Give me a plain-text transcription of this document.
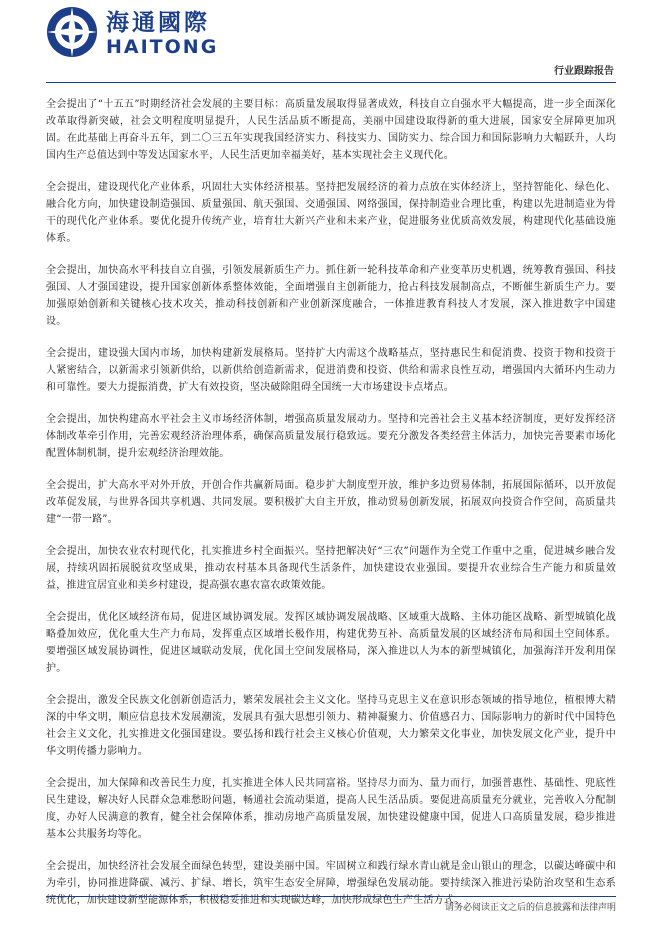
海通國際
HAITONG
行业跟踪报告

全会提出了“十五五”时期经济社会发展的主要目标：高质量发展取得显著成效，科技自立自强水平大幅提高，进一步全面深化改革取得新突破，社会文明程度明显提升，人民生活品质不断提高，美丽中国建设取得新的重大进展，国家安全屏障更加巩固。在此基础上再奋斗五年，到二〇三五年实现我国经济实力、科技实力、国防实力、综合国力和国际影响力大幅跃升，人均国内生产总值达到中等发达国家水平，人民生活更加幸福美好，基本实现社会主义现代化。

全会提出，建设现代化产业体系，巩固壮大实体经济根基。坚持把发展经济的着力点放在实体经济上，坚持智能化、绿色化、融合化方向，加快建设制造强国、质量强国、航天强国、交通强国、网络强国，保持制造业合理比重，构建以先进制造业为骨干的现代化产业体系。要优化提升传统产业，培育壮大新兴产业和未来产业，促进服务业优质高效发展，构建现代化基础设施体系。

全会提出，加快高水平科技自立自强，引领发展新质生产力。抓住新一轮科技革命和产业变革历史机遇，统筹教育强国、科技强国、人才强国建设，提升国家创新体系整体效能，全面增强自主创新能力，抢占科技发展制高点，不断催生新质生产力。要加强原始创新和关键核心技术攻关，推动科技创新和产业创新深度融合，一体推进教育科技人才发展，深入推进数字中国建设。

全会提出，建设强大国内市场，加快构建新发展格局。坚持扩大内需这个战略基点，坚持惠民生和促消费、投资于物和投资于人紧密结合，以新需求引领新供给，以新供给创造新需求，促进消费和投资、供给和需求良性互动，增强国内大循环内生动力和可靠性。要大力提振消费，扩大有效投资，坚决破除阻碍全国统一大市场建设卡点堵点。

全会提出，加快构建高水平社会主义市场经济体制，增强高质量发展动力。坚持和完善社会主义基本经济制度，更好发挥经济体制改革牵引作用，完善宏观经济治理体系，确保高质量发展行稳致远。要充分激发各类经营主体活力，加快完善要素市场化配置体制机制，提升宏观经济治理效能。

全会提出，扩大高水平对外开放，开创合作共赢新局面。稳步扩大制度型开放，维护多边贸易体制，拓展国际循环，以开放促改革促发展，与世界各国共享机遇、共同发展。要积极扩大自主开放，推动贸易创新发展，拓展双向投资合作空间，高质量共建“一带一路”。

全会提出，加快农业农村现代化，扎实推进乡村全面振兴。坚持把解决好“三农”问题作为全党工作重中之重，促进城乡融合发展，持续巩固拓展脱贫攻坚成果，推动农村基本具备现代生活条件，加快建设农业强国。要提升农业综合生产能力和质量效益，推进宜居宜业和美乡村建设，提高强农惠农富农政策效能。

全会提出，优化区域经济布局，促进区域协调发展。发挥区域协调发展战略、区域重大战略、主体功能区战略、新型城镇化战略叠加效应，优化重大生产力布局，发挥重点区域增长极作用，构建优势互补、高质量发展的区域经济布局和国土空间体系。要增强区域发展协调性，促进区域联动发展，优化国土空间发展格局，深入推进以人为本的新型城镇化，加强海洋开发利用保护。

全会提出，激发全民族文化创新创造活力，繁荣发展社会主义文化。坚持马克思主义在意识形态领域的指导地位，植根博大精深的中华文明，顺应信息技术发展潮流，发展具有强大思想引领力、精神凝聚力、价值感召力、国际影响力的新时代中国特色社会主义文化，扎实推进文化强国建设。要弘扬和践行社会主义核心价值观，大力繁荣文化事业，加快发展文化产业，提升中华文明传播力影响力。

全会提出，加大保障和改善民生力度，扎实推进全体人民共同富裕。坚持尽力而为、量力而行，加强普惠性、基础性、兜底性民生建设，解决好人民群众急难愁盼问题，畅通社会流动渠道，提高人民生活品质。要促进高质量充分就业，完善收入分配制度，办好人民满意的教育，健全社会保障体系，推动房地产高质量发展，加快建设健康中国，促进人口高质量发展，稳步推进基本公共服务均等化。

全会提出，加快经济社会发展全面绿色转型，建设美丽中国。牢固树立和践行绿水青山就是金山银山的理念，以碳达峰碳中和为牵引，协同推进降碳、减污、扩绿、增长，筑牢生态安全屏障，增强绿色发展动能。要持续深入推进污染防治攻坚和生态系统优化，加快建设新型能源体系，积极稳妥推进和实现碳达峰，加快形成绿色生产生活方式。

请务必阅读正文之后的信息披露和法律声明
